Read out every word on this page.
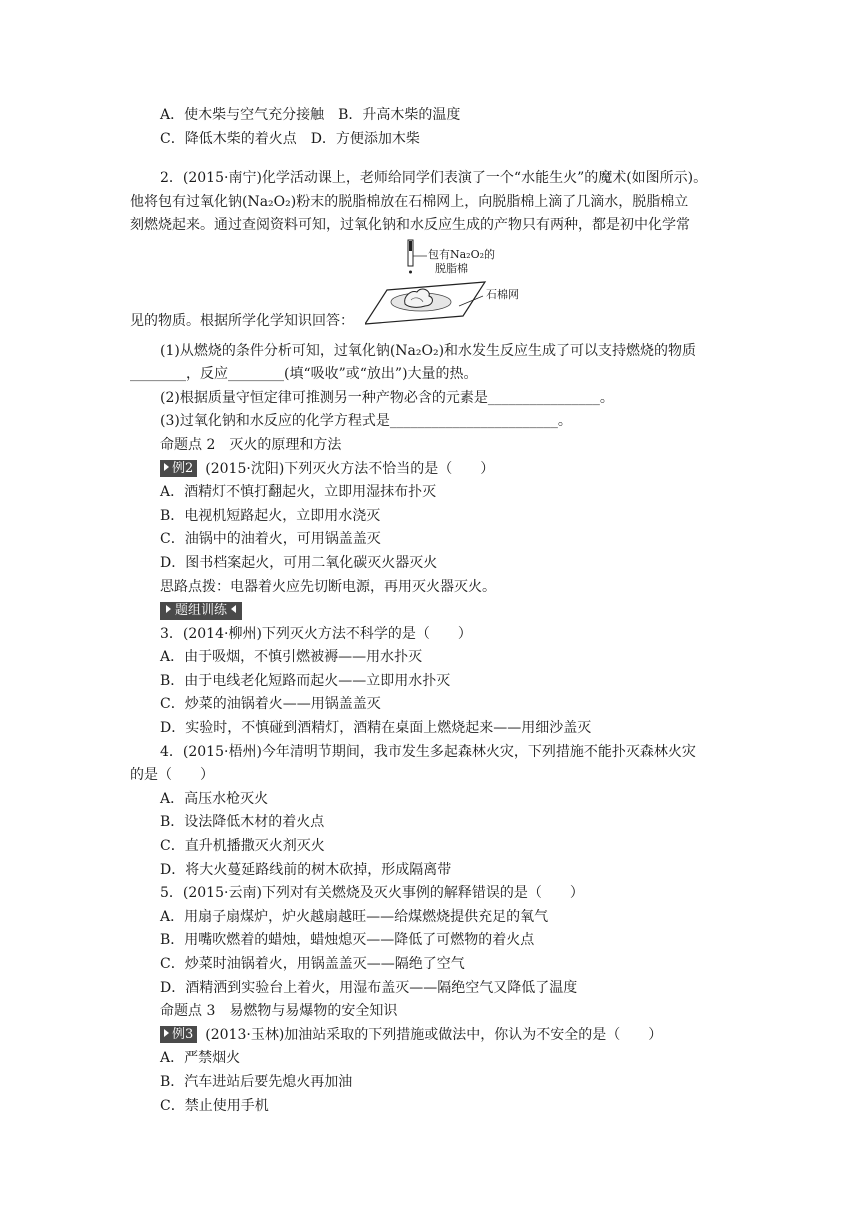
A．使木柴与空气充分接触　B．升高木柴的温度
C．降低木柴的着火点　D．方便添加木柴
2．(2015·南宁)化学活动课上，老师给同学们表演了一个“水能生火”的魔术(如图所示)。
他将包有过氧化钠(Na₂O₂)粉末的脱脂棉放在石棉网上，向脱脂棉上滴了几滴水，脱脂棉立
刻燃烧起来。通过查阅资料可知，过氧化钠和水反应生成的产物只有两种，都是初中化学常
包有Na₂O₂的
脱脂棉
石棉网
见的物质。根据所学化学知识回答：
(1)从燃烧的条件分析可知，过氧化钠(Na₂O₂)和水发生反应生成了可以支持燃烧的物质
________，反应________(填“吸收”或“放出”)大量的热。
(2)根据质量守恒定律可推测另一种产物必含的元素是________________。
(3)过氧化钠和水反应的化学方程式是________________________。
命题点 2　灭火的原理和方法
例2 (2015·沈阳)下列灭火方法不恰当的是（　　）
A．酒精灯不慎打翻起火，立即用湿抹布扑灭
B．电视机短路起火，立即用水浇灭
C．油锅中的油着火，可用锅盖盖灭
D．图书档案起火，可用二氧化碳灭火器灭火
思路点拨：电器着火应先切断电源，再用灭火器灭火。
题组训练
3．(2014·柳州)下列灭火方法不科学的是（　　）
A．由于吸烟，不慎引燃被褥——用水扑灭
B．由于电线老化短路而起火——立即用水扑灭
C．炒菜的油锅着火——用锅盖盖灭
D．实验时，不慎碰到酒精灯，酒精在桌面上燃烧起来——用细沙盖灭
4．(2015·梧州)今年清明节期间，我市发生多起森林火灾，下列措施不能扑灭森林火灾
的是（　　）
A．高压水枪灭火
B．设法降低木材的着火点
C．直升机播撒灭火剂灭火
D．将大火蔓延路线前的树木砍掉，形成隔离带
5．(2015·云南)下列对有关燃烧及灭火事例的解释错误的是（　　）
A．用扇子扇煤炉，炉火越扇越旺——给煤燃烧提供充足的氧气
B．用嘴吹燃着的蜡烛，蜡烛熄灭——降低了可燃物的着火点
C．炒菜时油锅着火，用锅盖盖灭——隔绝了空气
D．酒精洒到实验台上着火，用湿布盖灭——隔绝空气又降低了温度
命题点 3　易燃物与易爆物的安全知识
例3 (2013·玉林)加油站采取的下列措施或做法中，你认为不安全的是（　　）
A．严禁烟火
B．汽车进站后要先熄火再加油
C．禁止使用手机
